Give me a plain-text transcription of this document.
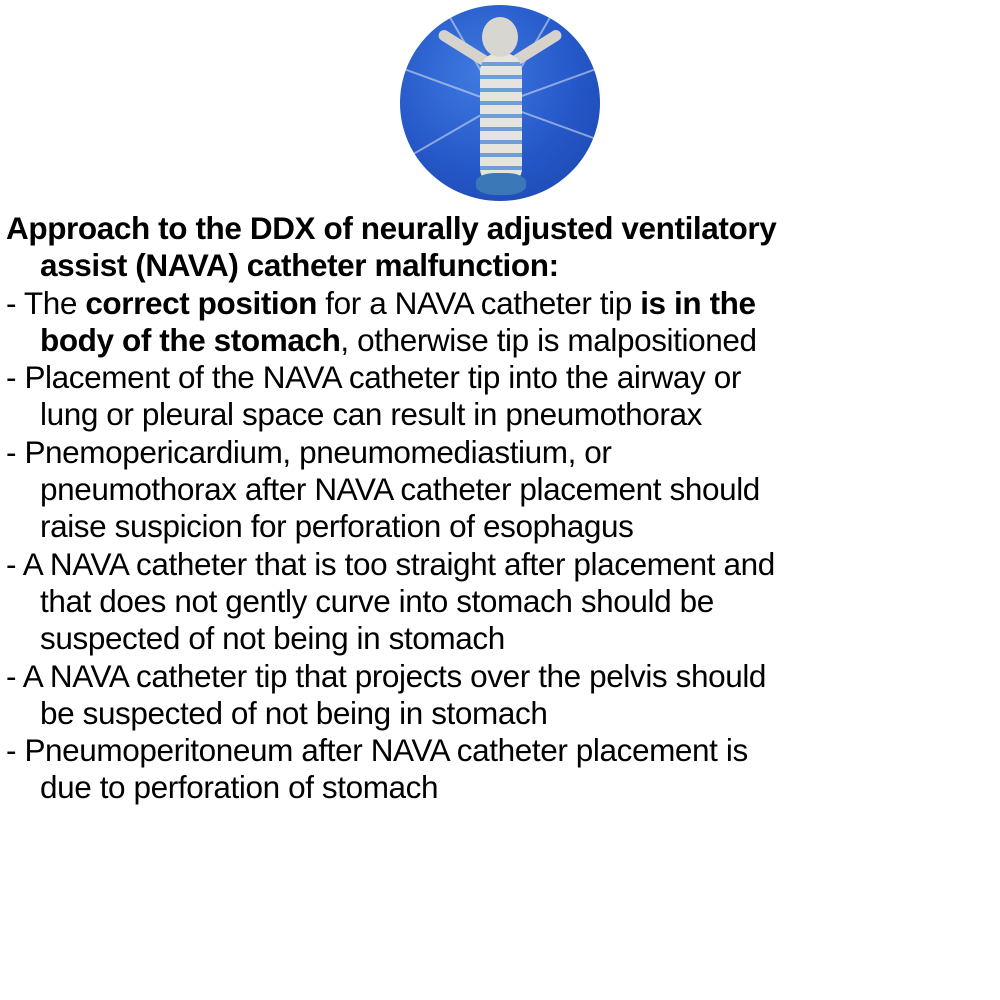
Approach to the DDX of neurally adjusted ventilatory
assist (NAVA) catheter malfunction:
- The correct position for a NAVA catheter tip is in the
body of the stomach, otherwise tip is malpositioned
- Placement of the NAVA catheter tip into the airway or
lung or pleural space can result in pneumothorax
- Pnemopericardium, pneumomediastium, or
pneumothorax after NAVA catheter placement should
raise suspicion for perforation of esophagus
- A NAVA catheter that is too straight after placement and
that does not gently curve into stomach should be
suspected of not being in stomach
- A NAVA catheter tip that projects over the pelvis should
be suspected of not being in stomach
- Pneumoperitoneum after NAVA catheter placement is
due to perforation of stomach
